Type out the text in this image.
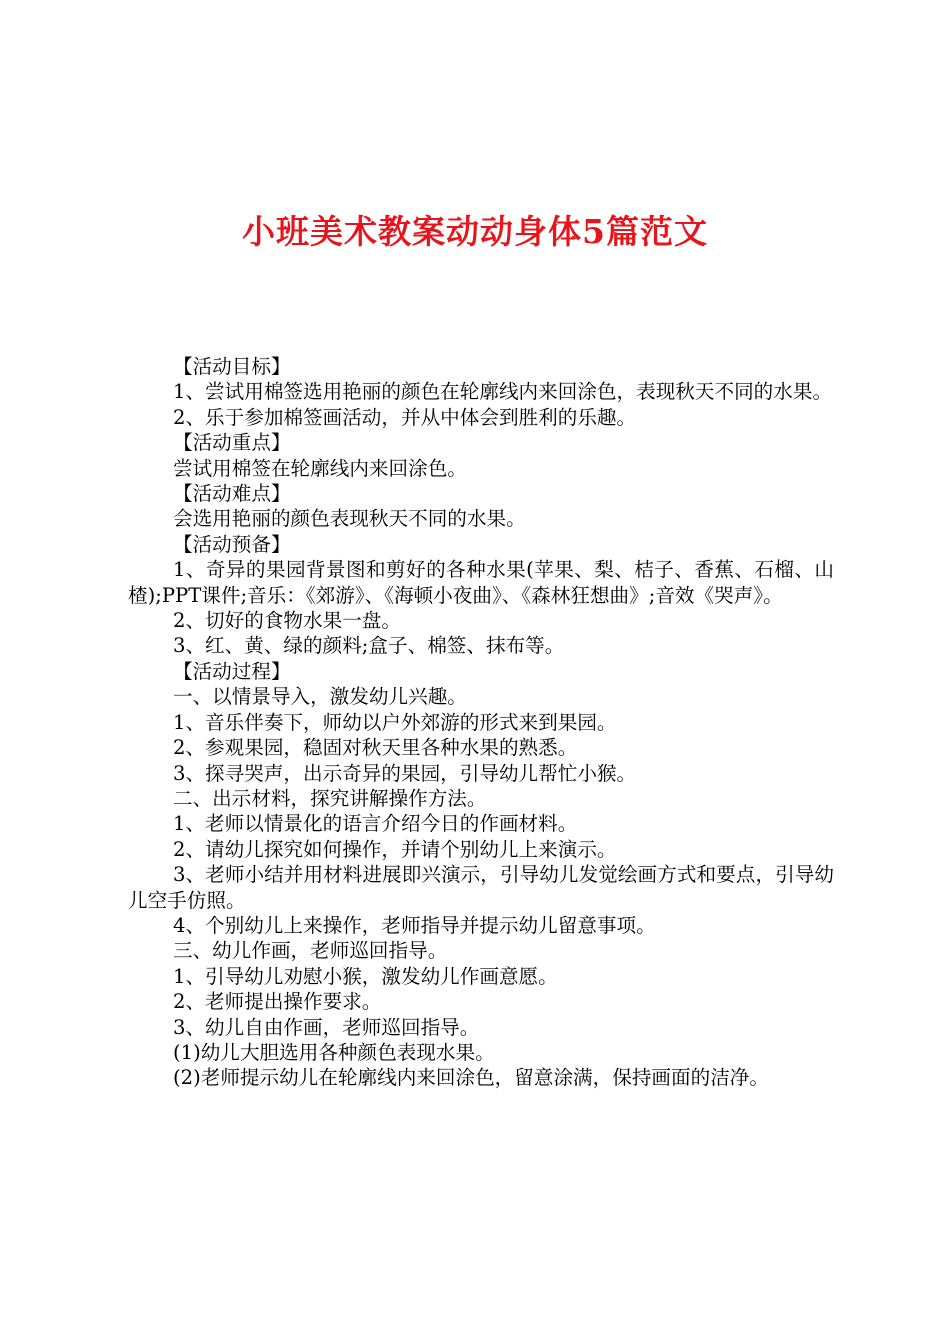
小班美术教案动动身体5篇范文

【活动目标】

1、尝试用棉签选用艳丽的颜色在轮廓线内来回涂色，表现秋天不同的水果。

2、乐于参加棉签画活动，并从中体会到胜利的乐趣。

【活动重点】

尝试用棉签在轮廓线内来回涂色。

【活动难点】

会选用艳丽的颜色表现秋天不同的水果。

【活动预备】

1、奇异的果园背景图和剪好的各种水果(苹果、梨、桔子、香蕉、石榴、山楂);PPT课件;音乐：《郊游》、《海顿小夜曲》、《森林狂想曲》;音效《哭声》。

2、切好的食物水果一盘。

3、红、黄、绿的颜料;盒子、棉签、抹布等。

【活动过程】

一、以情景导入，激发幼儿兴趣。

1、音乐伴奏下，师幼以户外郊游的形式来到果园。

2、参观果园，稳固对秋天里各种水果的熟悉。

3、探寻哭声，出示奇异的果园，引导幼儿帮忙小猴。

二、出示材料，探究讲解操作方法。

1、老师以情景化的语言介绍今日的作画材料。

2、请幼儿探究如何操作，并请个别幼儿上来演示。

3、老师小结并用材料进展即兴演示，引导幼儿发觉绘画方式和要点，引导幼儿空手仿照。

4、个别幼儿上来操作，老师指导并提示幼儿留意事项。

三、幼儿作画，老师巡回指导。

1、引导幼儿劝慰小猴，激发幼儿作画意愿。

2、老师提出操作要求。

3、幼儿自由作画，老师巡回指导。

(1)幼儿大胆选用各种颜色表现水果。

(2)老师提示幼儿在轮廓线内来回涂色，留意涂满，保持画面的洁净。
